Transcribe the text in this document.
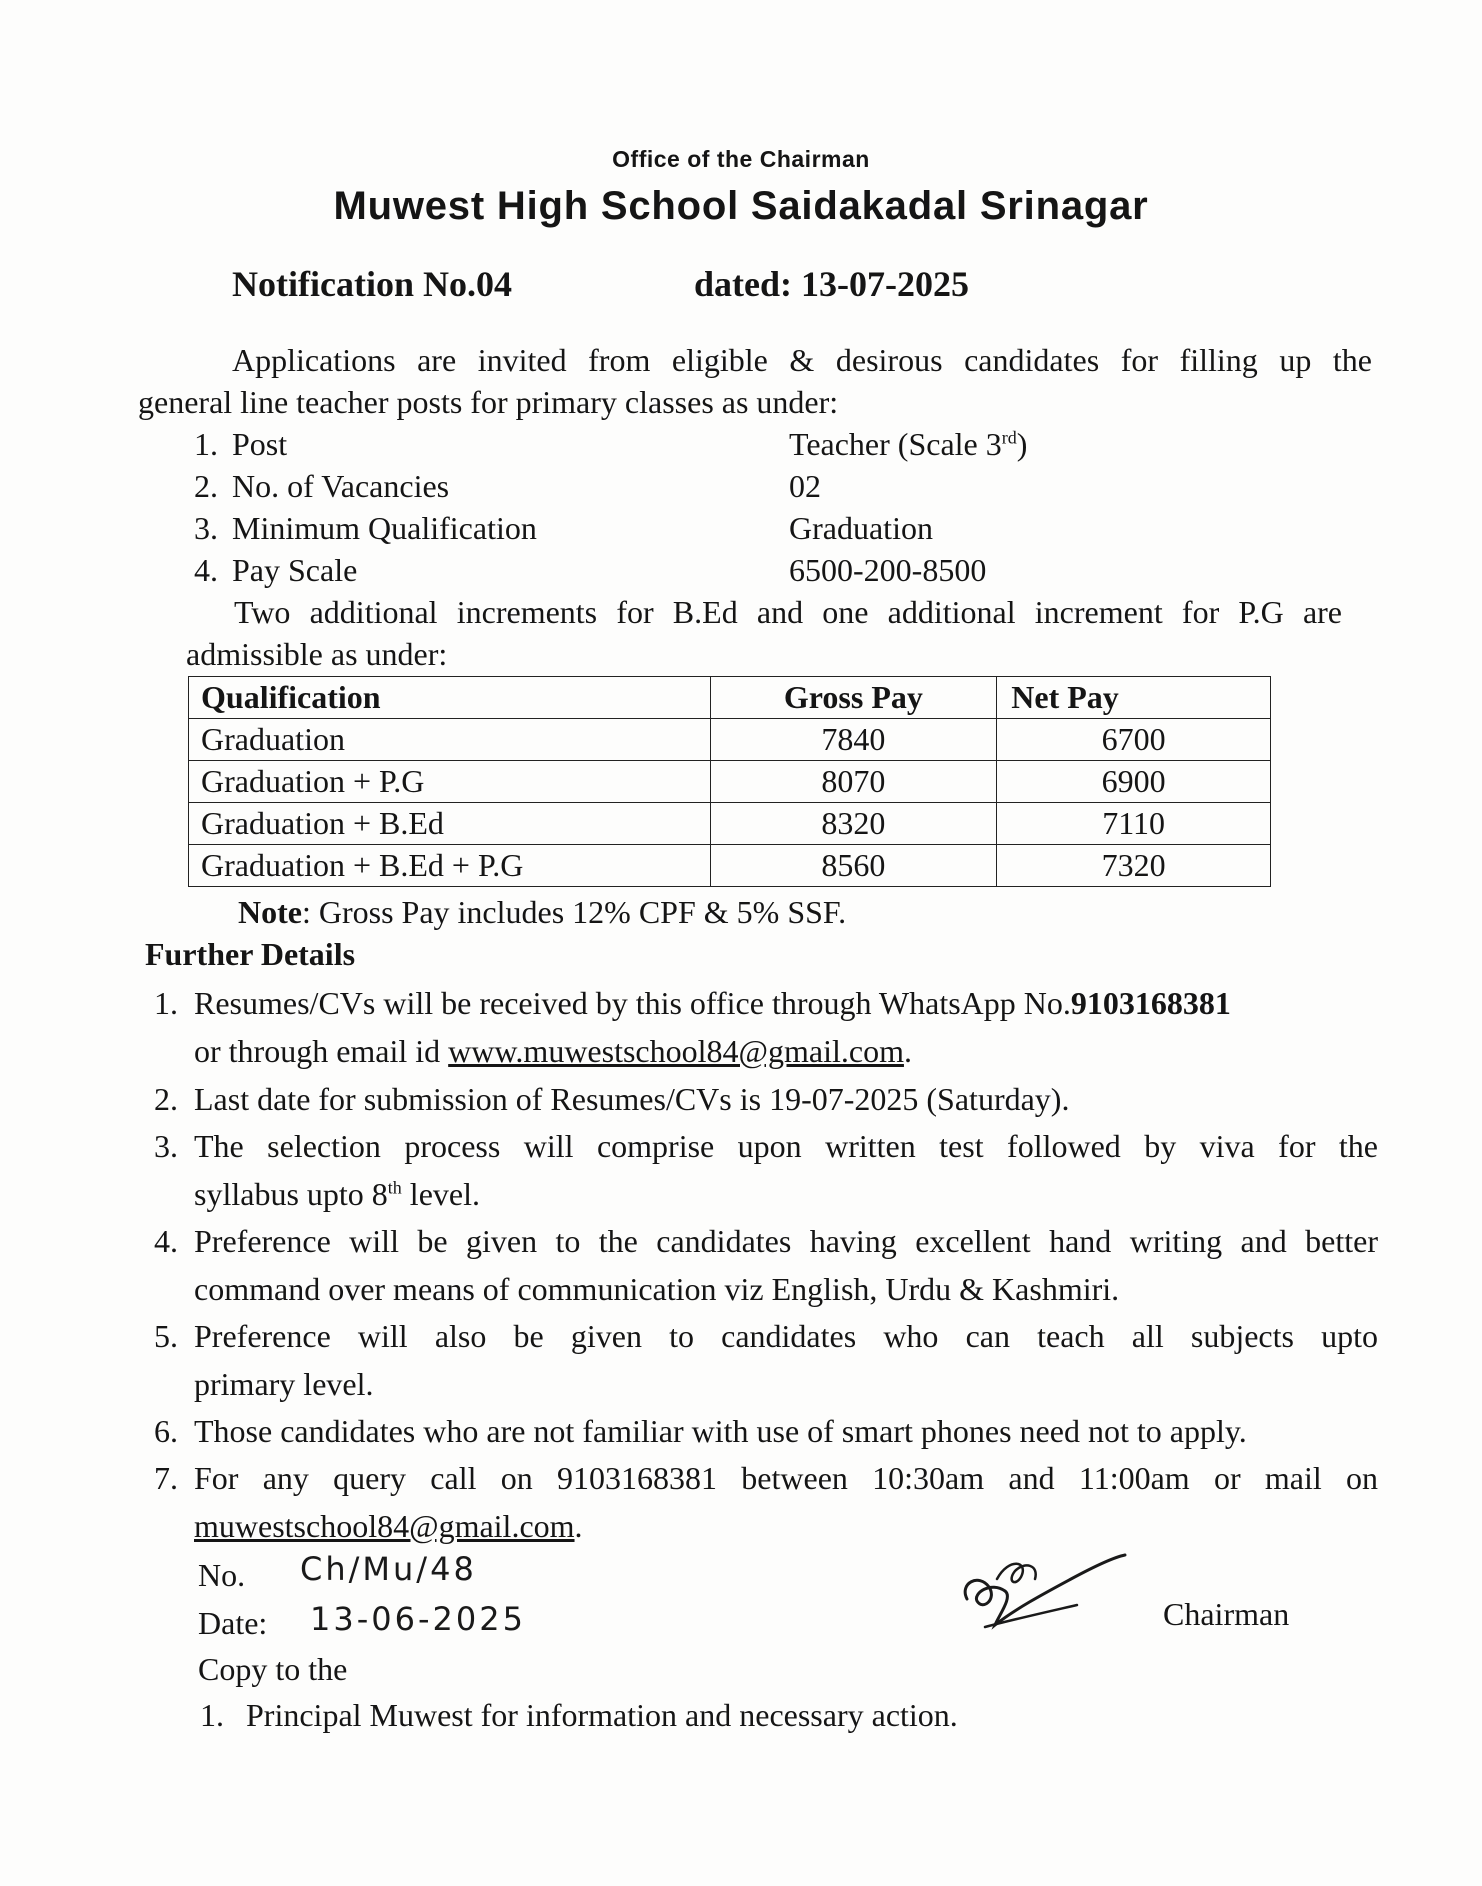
Office of the Chairman
Muwest High School Saidakadal Srinagar
Notification No.04	dated: 13-07-2025
Applications are invited from eligible & desirous candidates for filling up the
general line teacher posts for primary classes as under:
1. Post	Teacher (Scale 3rd)
2. No. of Vacancies	02
3. Minimum Qualification	Graduation
4. Pay Scale	6500-200-8500
Two additional increments for B.Ed and one additional increment for P.G are
admissible as under:
Qualification	Gross Pay	Net Pay
Graduation	7840	6700
Graduation + P.G	8070	6900
Graduation + B.Ed	8320	7110
Graduation + B.Ed + P.G	8560	7320
Note: Gross Pay includes 12% CPF & 5% SSF.
Further Details
1. Resumes/CVs will be received by this office through WhatsApp No.9103168381
or through email id www.muwestschool84@gmail.com.
2. Last date for submission of Resumes/CVs is 19-07-2025 (Saturday).
3. The selection process will comprise upon written test followed by viva for the
syllabus upto 8th level.
4. Preference will be given to the candidates having excellent hand writing and better
command over means of communication viz English, Urdu & Kashmiri.
5. Preference will also be given to candidates who can teach all subjects upto
primary level.
6. Those candidates who are not familiar with use of smart phones need not to apply.
7. For any query call on 9103168381 between 10:30am and 11:00am or mail on
muwestschool84@gmail.com.
No. Ch/Mu/48
Date: 13-06-2025	Chairman
Copy to the
1. Principal Muwest for information and necessary action.
